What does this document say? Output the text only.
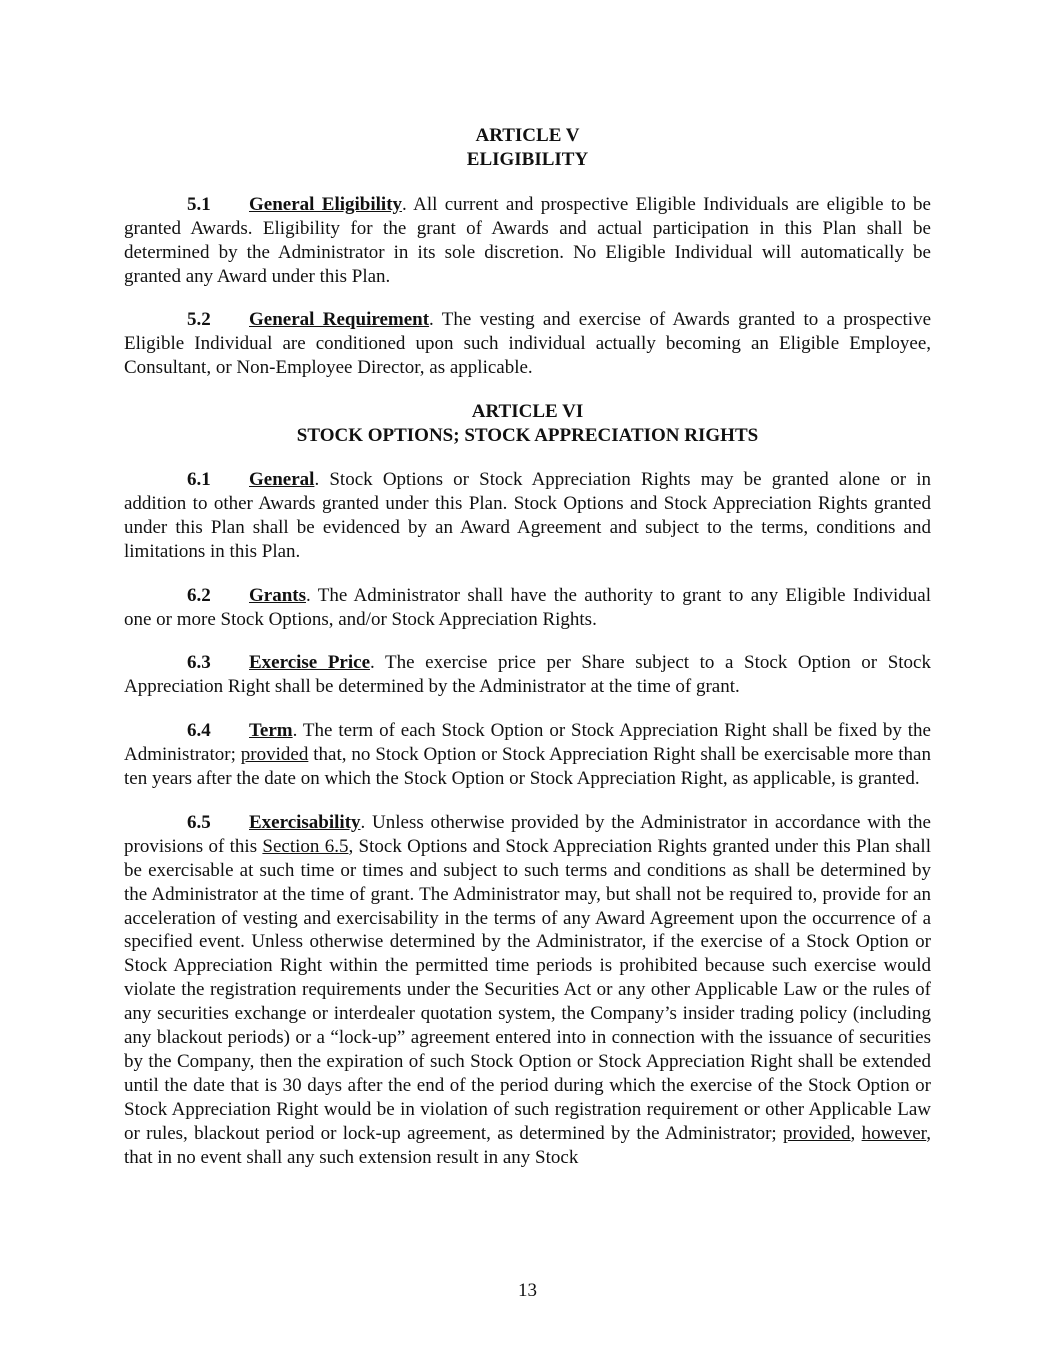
ARTICLE V
ELIGIBILITY

5.1 General Eligibility. All current and prospective Eligible Individuals are eligible to be granted Awards. Eligibility for the grant of Awards and actual participation in this Plan shall be determined by the Administrator in its sole discretion. No Eligible Individual will automatically be granted any Award under this Plan.

5.2 General Requirement. The vesting and exercise of Awards granted to a prospective Eligible Individual are conditioned upon such individual actually becoming an Eligible Employee, Consultant, or Non-Employee Director, as applicable.

ARTICLE VI
STOCK OPTIONS; STOCK APPRECIATION RIGHTS

6.1 General. Stock Options or Stock Appreciation Rights may be granted alone or in addition to other Awards granted under this Plan. Stock Options and Stock Appreciation Rights granted under this Plan shall be evidenced by an Award Agreement and subject to the terms, conditions and limitations in this Plan.

6.2 Grants. The Administrator shall have the authority to grant to any Eligible Individual one or more Stock Options, and/or Stock Appreciation Rights.

6.3 Exercise Price. The exercise price per Share subject to a Stock Option or Stock Appreciation Right shall be determined by the Administrator at the time of grant.

6.4 Term. The term of each Stock Option or Stock Appreciation Right shall be fixed by the Administrator; provided that, no Stock Option or Stock Appreciation Right shall be exercisable more than ten years after the date on which the Stock Option or Stock Appreciation Right, as applicable, is granted.

6.5 Exercisability. Unless otherwise provided by the Administrator in accordance with the provisions of this Section 6.5, Stock Options and Stock Appreciation Rights granted under this Plan shall be exercisable at such time or times and subject to such terms and conditions as shall be determined by the Administrator at the time of grant. The Administrator may, but shall not be required to, provide for an acceleration of vesting and exercisability in the terms of any Award Agreement upon the occurrence of a specified event. Unless otherwise determined by the Administrator, if the exercise of a Stock Option or Stock Appreciation Right within the permitted time periods is prohibited because such exercise would violate the registration requirements under the Securities Act or any other Applicable Law or the rules of any securities exchange or interdealer quotation system, the Company’s insider trading policy (including any blackout periods) or a “lock-up” agreement entered into in connection with the issuance of securities by the Company, then the expiration of such Stock Option or Stock Appreciation Right shall be extended until the date that is 30 days after the end of the period during which the exercise of the Stock Option or Stock Appreciation Right would be in violation of such registration requirement or other Applicable Law or rules, blackout period or lock-up agreement, as determined by the Administrator; provided, however, that in no event shall any such extension result in any Stock

13
